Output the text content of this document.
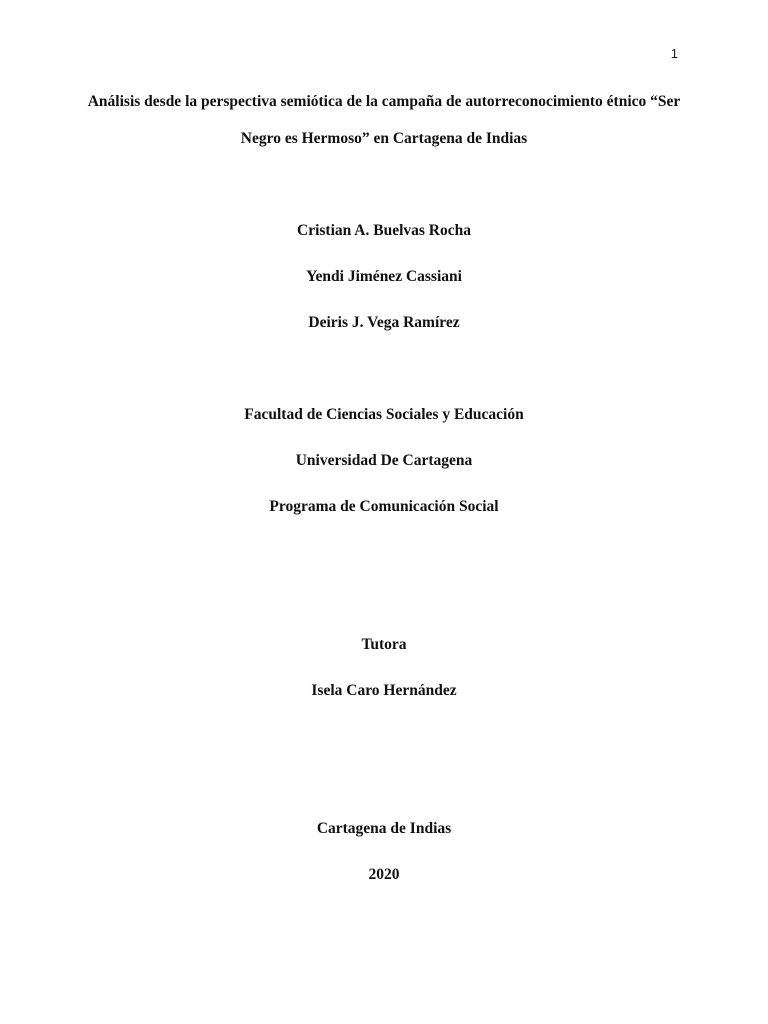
1
Análisis desde la perspectiva semiótica de la campaña de autorreconocimiento étnico “Ser
Negro es Hermoso” en Cartagena de Indias
Cristian A. Buelvas Rocha
Yendi Jiménez Cassiani
Deiris J. Vega Ramírez
Facultad de Ciencias Sociales y Educación
Universidad De Cartagena
Programa de Comunicación Social
Tutora
Isela Caro Hernández
Cartagena de Indias
2020
